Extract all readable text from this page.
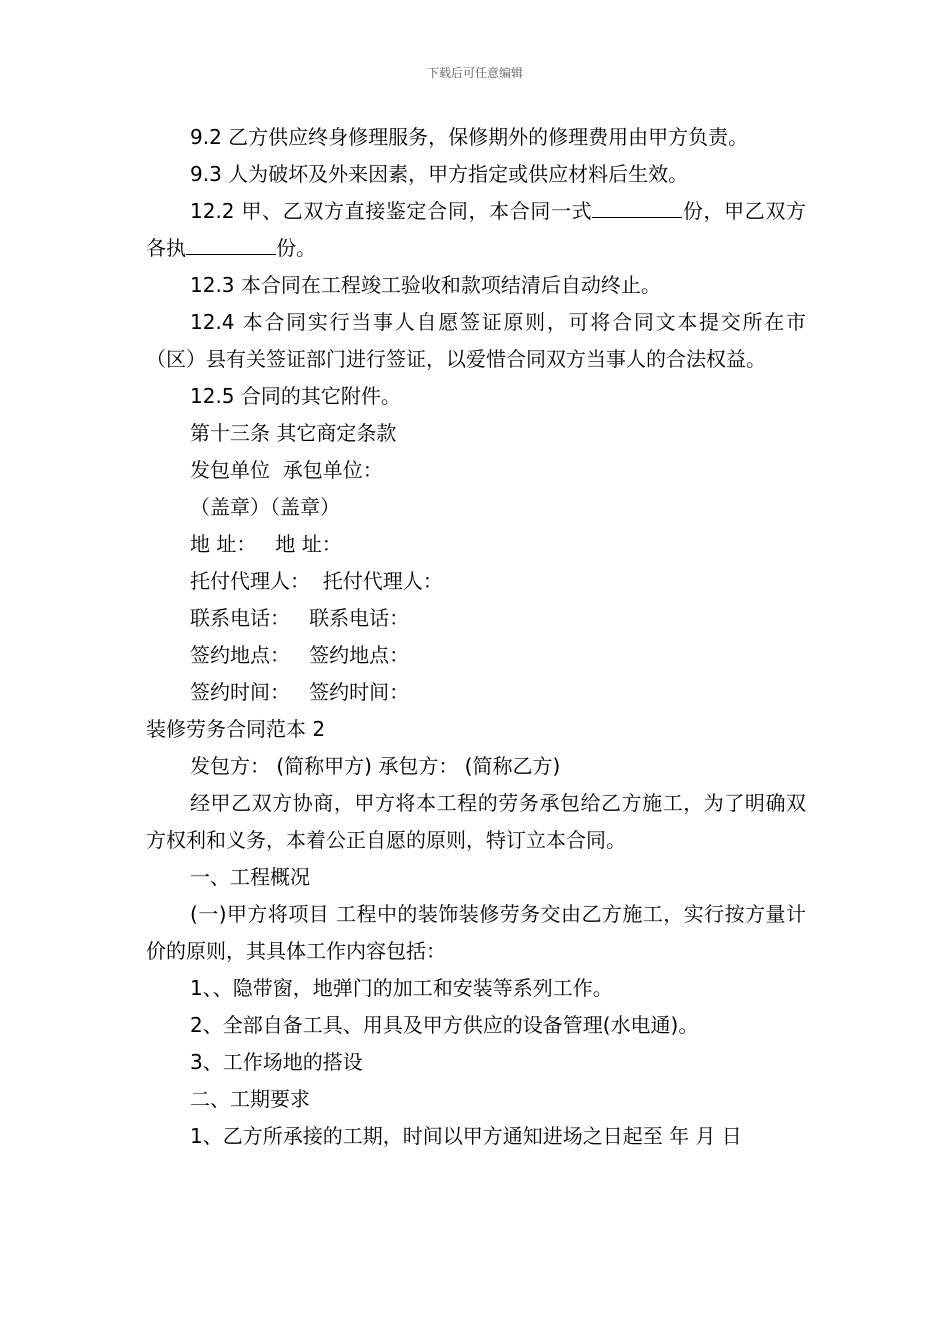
下载后可任意编辑

9.2 乙方供应终身修理服务，保修期外的修理费用由甲方负责。

9.3 人为破坏及外来因素，甲方指定或供应材料后生效。

12.2 甲、乙双方直接鉴定合同，本合同一式	份，甲乙双方各执	份。

12.3 本合同在工程竣工验收和款项结清后自动终止。

12.4 本合同实行当事人自愿签证原则，可将合同文本提交所在市（区）县有关签证部门进行签证，以爱惜合同双方当事人的合法权益。

12.5 合同的其它附件。

第十三条 其它商定条款

发包单位  承包单位：

（盖章）（盖章）

地 址：   地 址：

托付代理人：  托付代理人：

联系电话：   联系电话：

签约地点：   签约地点：

签约时间：   签约时间：

装修劳务合同范本 2

发包方： (简称甲方) 承包方： (简称乙方)

经甲乙双方协商，甲方将本工程的劳务承包给乙方施工，为了明确双方权利和义务，本着公正自愿的原则，特订立本合同。

一、工程概况

(一)甲方将项目 工程中的装饰装修劳务交由乙方施工，实行按方量计价的原则，其具体工作内容包括：

1、、隐带窗，地弹门的加工和安装等系列工作。

2、全部自备工具、用具及甲方供应的设备管理(水电通)。

3、工作场地的搭设

二、工期要求

1、乙方所承接的工期，时间以甲方通知进场之日起至 年 月 日
